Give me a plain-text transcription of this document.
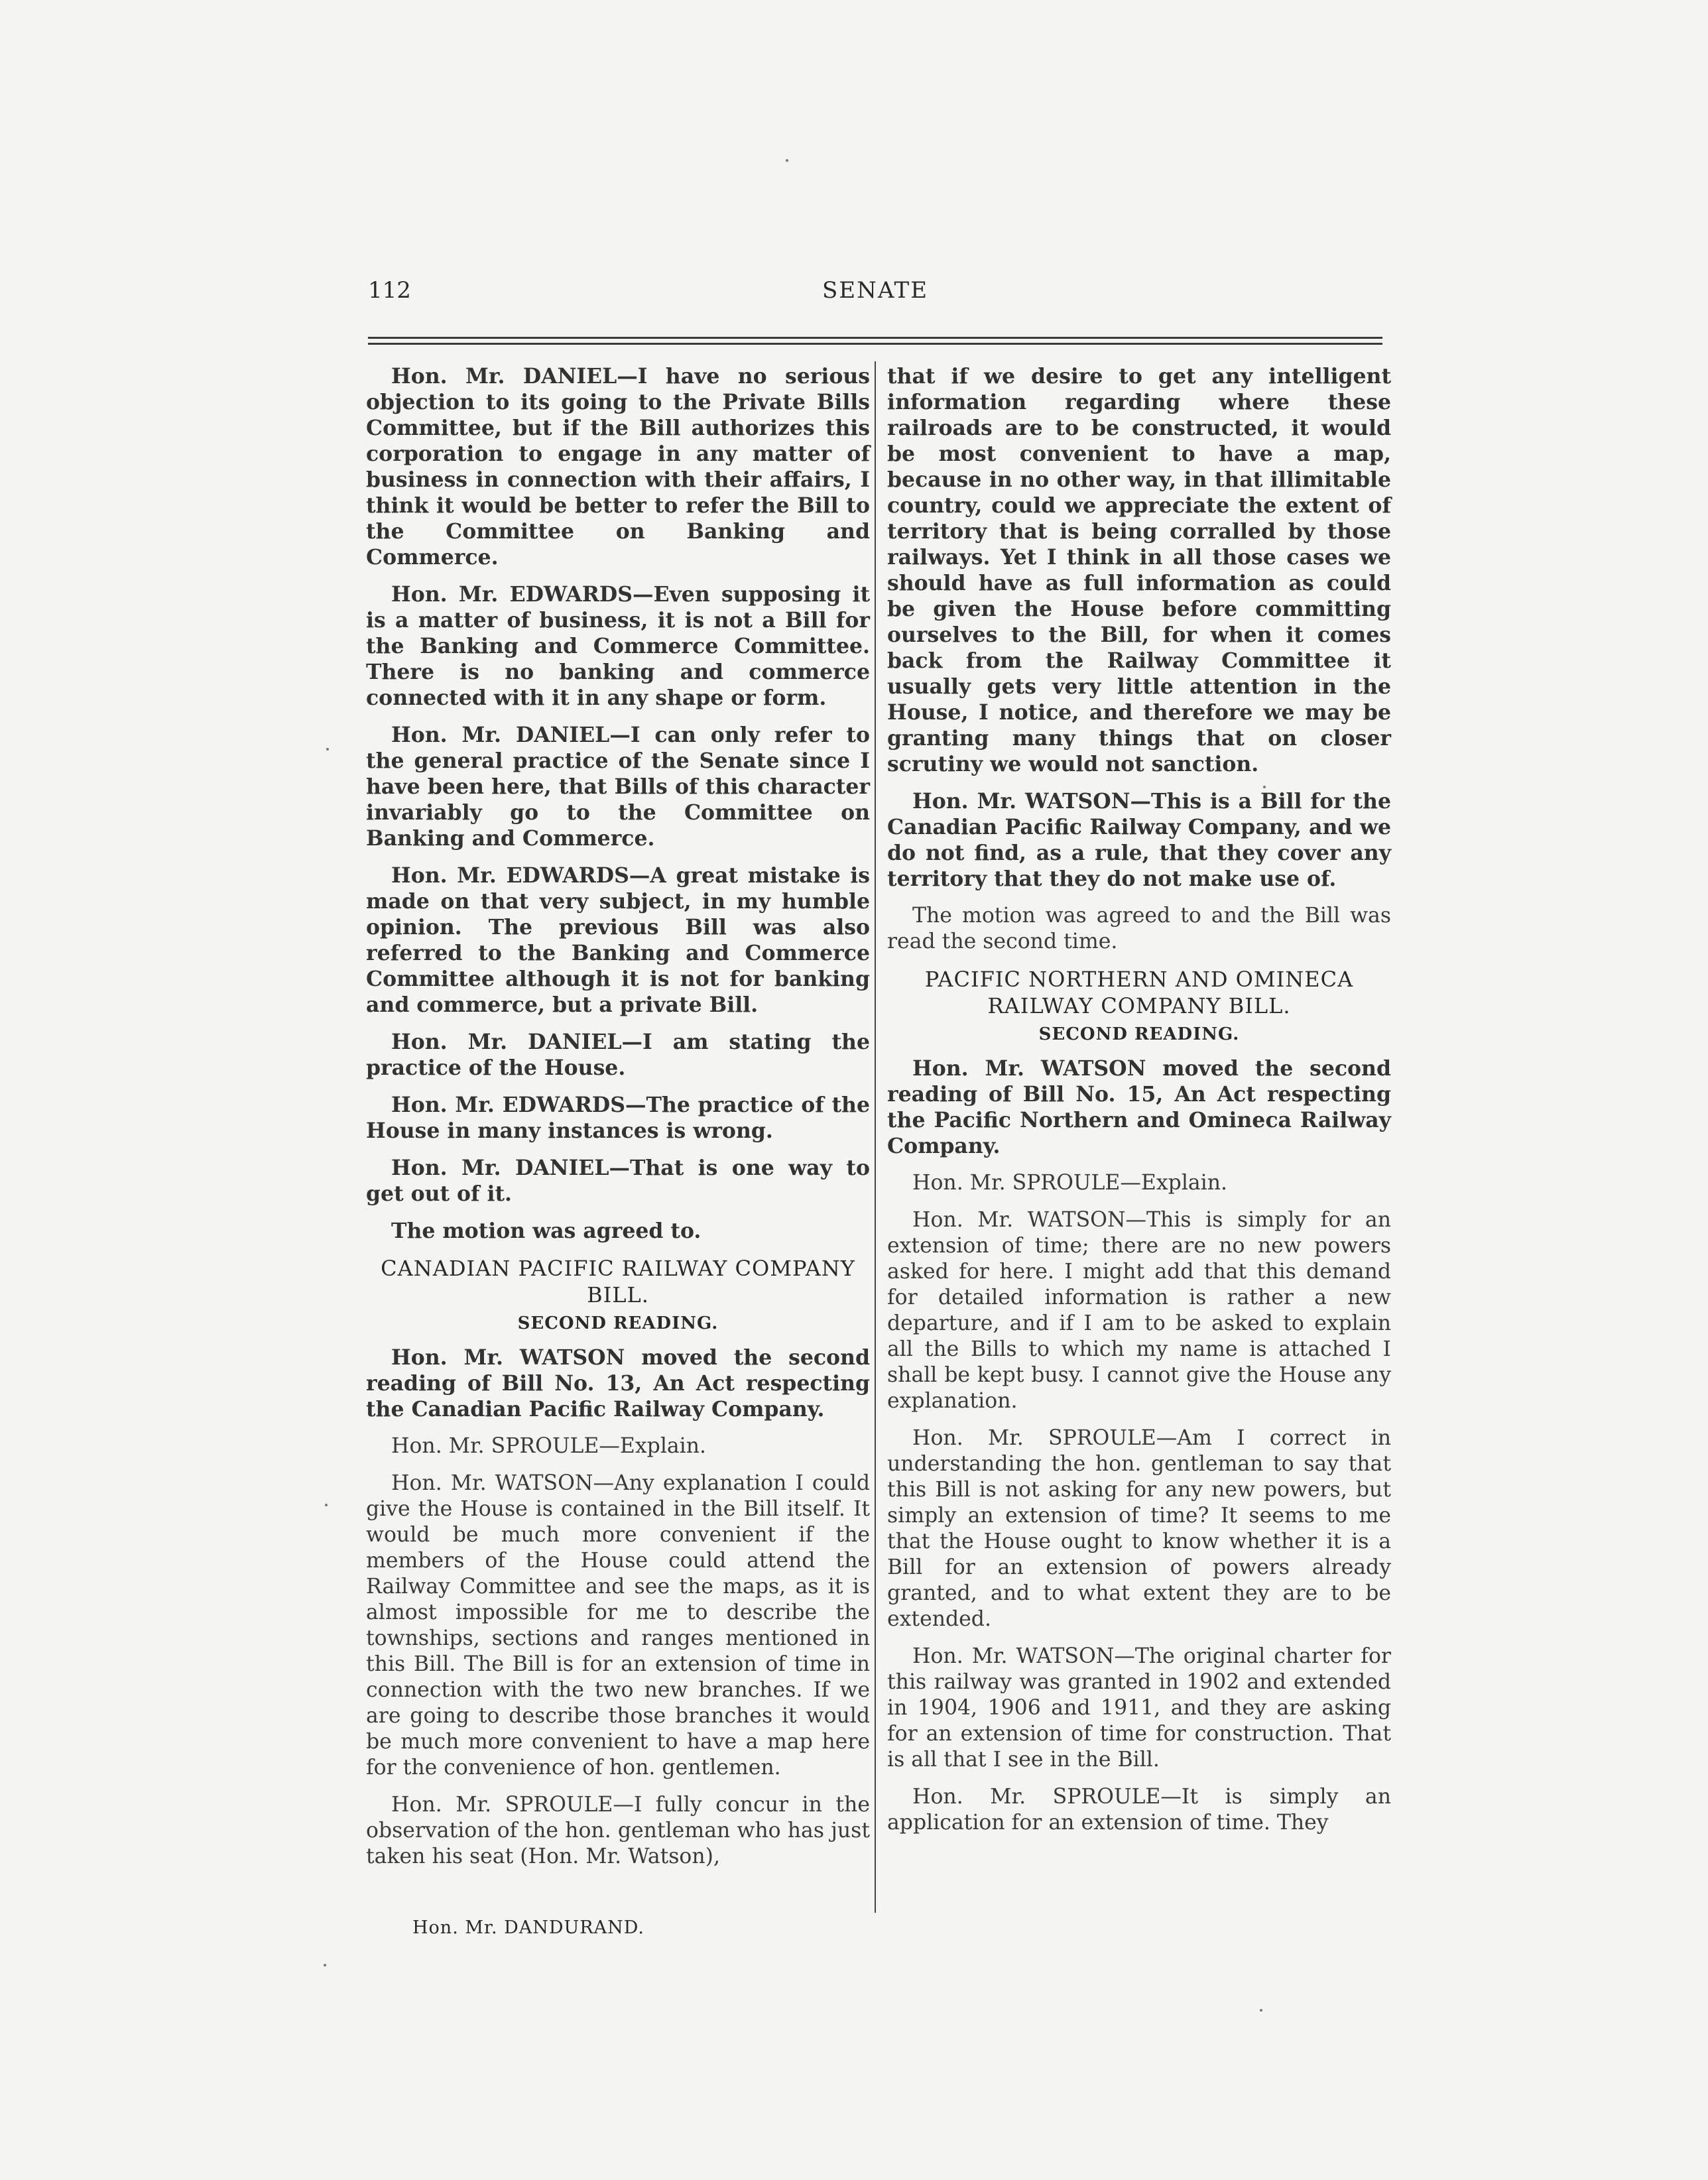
112	SENATE

Hon. Mr. DANIEL—I have no serious objection to its going to the Private Bills Committee, but if the Bill authorizes this corporation to engage in any matter of business in connection with their affairs, I think it would be better to refer the Bill to the Committee on Banking and Commerce.

Hon. Mr. EDWARDS—Even supposing it is a matter of business, it is not a Bill for the Banking and Commerce Committee. There is no banking and commerce connected with it in any shape or form.

Hon. Mr. DANIEL—I can only refer to the general practice of the Senate since I have been here, that Bills of this character invariably go to the Committee on Banking and Commerce.

Hon. Mr. EDWARDS—A great mistake is made on that very subject, in my humble opinion. The previous Bill was also referred to the Banking and Commerce Committee although it is not for banking and commerce, but a private Bill.

Hon. Mr. DANIEL—I am stating the practice of the House.

Hon. Mr. EDWARDS—The practice of the House in many instances is wrong.

Hon. Mr. DANIEL—That is one way to get out of it.

The motion was agreed to.

CANADIAN PACIFIC RAILWAY COMPANY BILL.
SECOND READING.

Hon. Mr. WATSON moved the second reading of Bill No. 13, An Act respecting the Canadian Pacific Railway Company.

Hon. Mr. SPROULE—Explain.

Hon. Mr. WATSON—Any explanation I could give the House is contained in the Bill itself. It would be much more convenient if the members of the House could attend the Railway Committee and see the maps, as it is almost impossible for me to describe the townships, sections and ranges mentioned in this Bill. The Bill is for an extension of time in connection with the two new branches. If we are going to describe those branches it would be much more convenient to have a map here for the convenience of hon. gentlemen.

Hon. Mr. SPROULE—I fully concur in the observation of the hon. gentleman who has just taken his seat (Hon. Mr. Watson),

that if we desire to get any intelligent information regarding where these railroads are to be constructed, it would be most convenient to have a map, because in no other way, in that illimitable country, could we appreciate the extent of territory that is being corralled by those railways. Yet I think in all those cases we should have as full information as could be given the House before committing ourselves to the Bill, for when it comes back from the Railway Committee it usually gets very little attention in the House, I notice, and therefore we may be granting many things that on closer scrutiny we would not sanction.

Hon. Mr. WATSON—This is a Bill for the Canadian Pacific Railway Company, and we do not find, as a rule, that they cover any territory that they do not make use of.

The motion was agreed to and the Bill was read the second time.

PACIFIC NORTHERN AND OMINECA RAILWAY COMPANY BILL.
SECOND READING.

Hon. Mr. WATSON moved the second reading of Bill No. 15, An Act respecting the Pacific Northern and Omineca Railway Company.

Hon. Mr. SPROULE—Explain.

Hon. Mr. WATSON—This is simply for an extension of time; there are no new powers asked for here. I might add that this demand for detailed information is rather a new departure, and if I am to be asked to explain all the Bills to which my name is attached I shall be kept busy. I cannot give the House any explanation.

Hon. Mr. SPROULE—Am I correct in understanding the hon. gentleman to say that this Bill is not asking for any new powers, but simply an extension of time? It seems to me that the House ought to know whether it is a Bill for an extension of powers already granted, and to what extent they are to be extended.

Hon. Mr. WATSON—The original charter for this railway was granted in 1902 and extended in 1904, 1906 and 1911, and they are asking for an extension of time for construction. That is all that I see in the Bill.

Hon. Mr. SPROULE—It is simply an application for an extension of time. They

Hon. Mr. DANDURAND.
